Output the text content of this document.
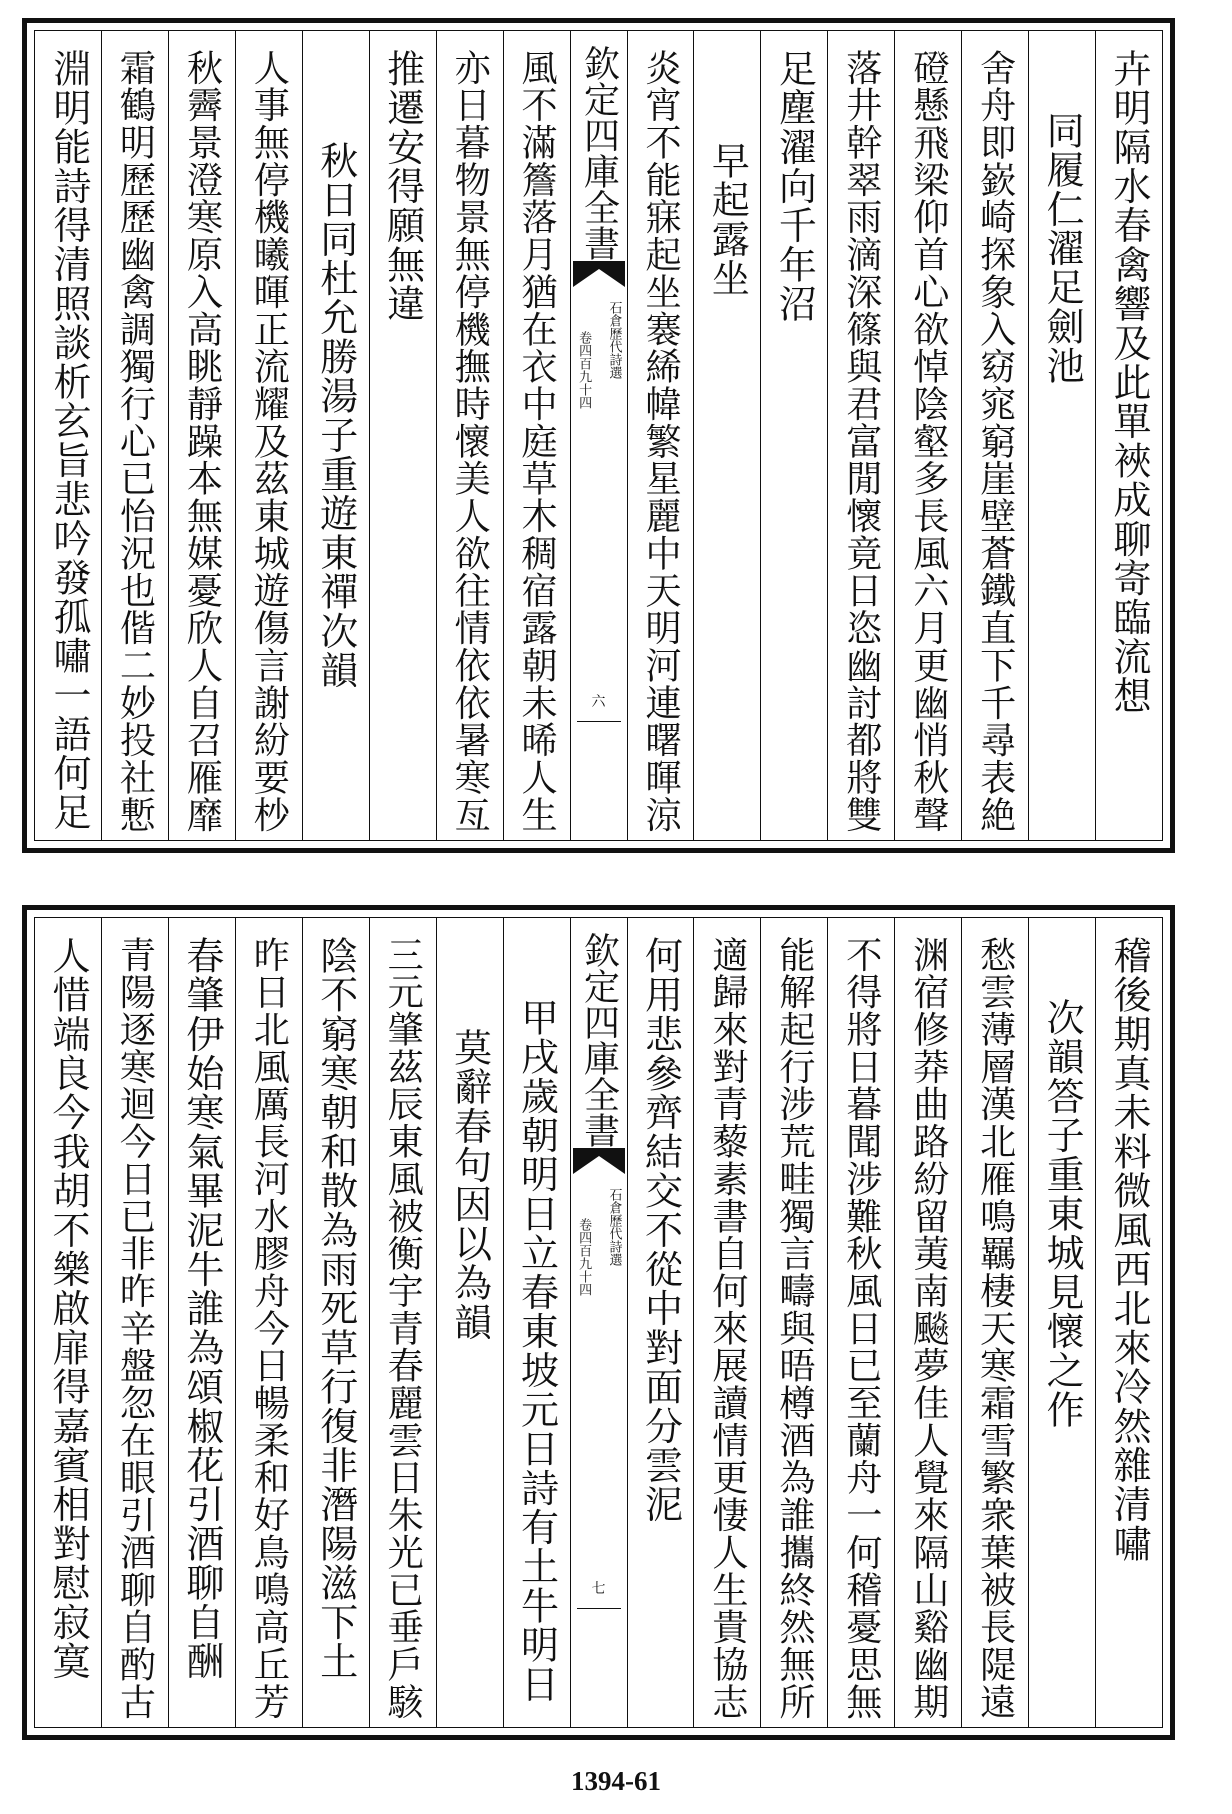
卉明隔水春禽響及此單裌成聊寄臨流想
同履仁濯足劍池
舍舟即嶔崎探象入窈窕窮崖壁蒼鐵直下千尋表絶
磴懸飛梁仰首心欲悼陰壑多長風六月更幽悄秋聲
落井幹翠雨滴深篠與君富閒懷竟日恣幽討都將雙
足塵濯向千年沼
早起露坐
炎宵不能寐起坐褰絺幃繁星麗中天明河連曙暉涼
欽定四庫全書
石倉歷代詩選
卷四百九十四
六
風不滿簷落月猶在衣中庭草木稠宿露朝未晞人生
亦日暮物景無停機撫時懷美人欲往情依依暑寒亙
推遷安得願無違
秋日同杜允勝湯子重遊東禪次韻
人事無停機曦暉正流耀及茲東城遊傷言謝紛要杪
秋霽景澄寒原入高眺靜躁本無媒憂欣人自召雁靡
霜鶴明歷歷幽禽調獨行心已怡況也偕二妙投社慙
淵明能詩得清照談析玄旨悲吟發孤嘯一語何足
稽後期真未料微風西北來冷然雜清嘯
次韻答子重東城見懷之作
愁雲薄層漢北雁鳴羈棲天寒霜雪繁衆葉被長隄遠
渊宿修莽曲路紛留荑南飈夢佳人覺來隔山谿幽期
不得將日暮聞涉難秋風日已至蘭舟一何稽憂思無
能解起行涉荒畦獨言疇與晤樽酒為誰攜終然無所
適歸來對青藜素書自何來展讀情更悽人生貴協志
何用悲參齊結交不從中對面分雲泥
欽定四庫全書
石倉歷代詩選
卷四百九十四
七
甲戌歲朝明日立春東坡元日詩有土牛明日
莫辭春句因以為韻
三元肇茲辰東風被衡宇青春麗雲日朱光已垂戶駭
陰不窮寒朝和散為雨死草行復非潛陽滋下土
昨日北風厲長河水膠舟今日暢柔和好鳥鳴高丘芳
春肇伊始寒氣畢泥牛誰為頌椒花引酒聊自酬
青陽逐寒迴今日已非昨辛盤忽在眼引酒聊自酌古
人惜端良今我胡不樂啟扉得嘉賓相對慰寂寞
1394-61
